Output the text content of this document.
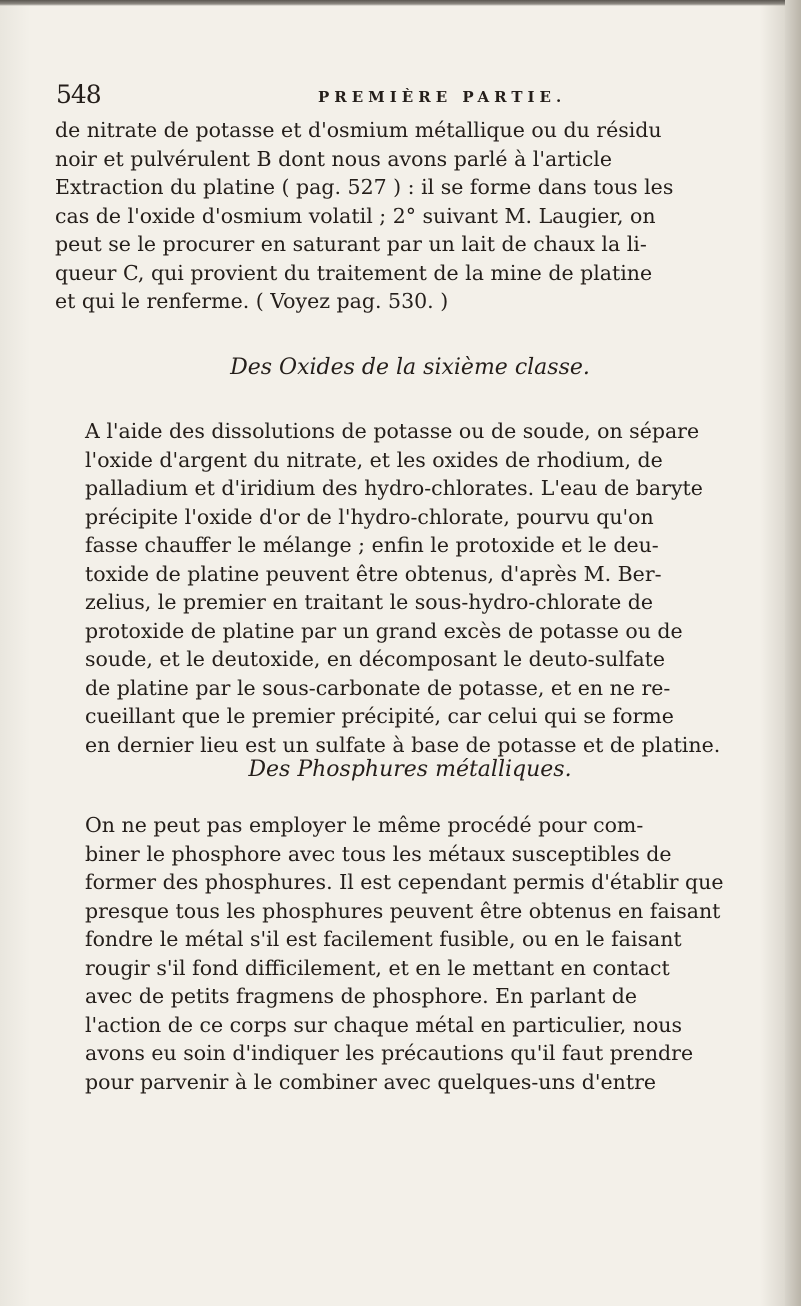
548	PREMIÈRE PARTIE.
de nitrate de potasse et d'osmium métallique ou du résidu
noir et pulvérulent B dont nous avons parlé à l'article
Extraction du platine ( pag. 527 ) : il se forme dans tous les
cas de l'oxide d'osmium volatil ; 2° suivant M. Laugier, on
peut se le procurer en saturant par un lait de chaux la li-
queur C, qui provient du traitement de la mine de platine
et qui le renferme. ( Voyez pag. 530. )
Des Oxides de la sixième classe.
A l'aide des dissolutions de potasse ou de soude, on sépare
l'oxide d'argent du nitrate, et les oxides de rhodium, de
palladium et d'iridium des hydro-chlorates. L'eau de baryte
précipite l'oxide d'or de l'hydro-chlorate, pourvu qu'on
fasse chauffer le mélange ; enfin le protoxide et le deu-
toxide de platine peuvent être obtenus, d'après M. Ber-
zelius, le premier en traitant le sous-hydro-chlorate de
protoxide de platine par un grand excès de potasse ou de
soude, et le deutoxide, en décomposant le deuto-sulfate
de platine par le sous-carbonate de potasse, et en ne re-
cueillant que le premier précipité, car celui qui se forme
en dernier lieu est un sulfate à base de potasse et de platine.
Des Phosphures métalliques.
On ne peut pas employer le même procédé pour com-
biner le phosphore avec tous les métaux susceptibles de
former des phosphures. Il est cependant permis d'établir que
presque tous les phosphures peuvent être obtenus en faisant
fondre le métal s'il est facilement fusible, ou en le faisant
rougir s'il fond difficilement, et en le mettant en contact
avec de petits fragmens de phosphore. En parlant de
l'action de ce corps sur chaque métal en particulier, nous
avons eu soin d'indiquer les précautions qu'il faut prendre
pour parvenir à le combiner avec quelques-uns d'entre
